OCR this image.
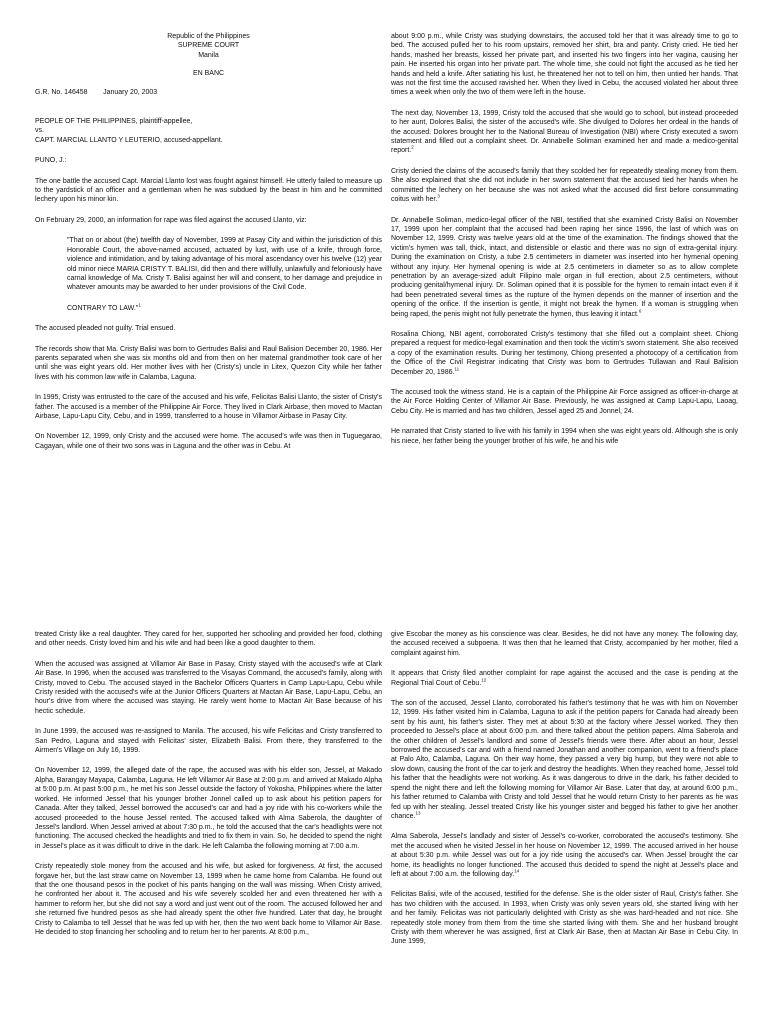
Republic of the Philippines

SUPREME COURT

Manila

EN BANC

G.R. No. 146458 January 20, 2003

PEOPLE OF THE PHILIPPINES, plaintiff-appellee,

vs.

CAPT. MARCIAL LLANTO Y LEUTERIO, accused-appellant.

PUNO, J.:

The one battle the accused Capt. Marcial Llanto lost was fought against himself. He utterly failed to measure up to the yardstick of an officer and a gentleman when he was subdued by the beast in him and he committed lechery upon his minor kin.

On February 29, 2000, an information for rape was filed against the accused Llanto, viz:

"That on or about (the) twelfth day of November, 1999 at Pasay City and within the jurisdiction of this Honorable Court, the above-named accused, actuated by lust, with use of a knife, through force, violence and intimidation, and by taking advantage of his moral ascendancy over his twelve (12) year old minor niece MARIA CRISTY T. BALISI, did then and there willfully, unlawfully and feloniously have carnal knowledge of Ma. Cristy T. Balisi against her will and consent, to her damage and prejudice in whatever amounts may be awarded to her under provisions of the Civil Code.

CONTRARY TO LAW."$^1$

The accused pleaded not guilty. Trial ensued.

The records show that Ma. Cristy Balisi was born to Gertrudes Balisi and Raul Balision December 20, 1986. Her parents separated when she was six months old and from then on her maternal grandmother took care of her until she was eight years old. Her mother lives with her (Cristy's) uncle in Litex, Quezon City while her father lives with his common law wife in Calamba, Laguna.

In 1995, Cristy was entrusted to the care of the accused and his wife, Felicitas Balisi Llanto, the sister of Cristy's father. The accused is a member of the Philippine Air Force. They lived in Clark Airbase, then moved to Mactan Airbase, Lapu-Lapu City, Cebu, and in 1999, transferred to a house in Villamor Airbase in Pasay City.

On November 12, 1999, only Cristy and the accused were home. The accused's wife was then in Tuguegarao, Cagayan, while one of their two sons was in Laguna and the other was in Cebu. At

about 9:00 p.m., while Cristy was studying downstairs, the accused told her that it was already time to go to bed. The accused pulled her to his room upstairs, removed her shirt, bra and panty. Cristy cried. He tied her hands, mashed her breasts, kissed her private part, and inserted his two fingers into her vagina, causing her pain. He inserted his organ into her private part. The whole time, she could not fight the accused as he tied her hands and held a knife. After satiating his lust, he threatened her not to tell on him, then untied her hands. That was not the first time the accused ravished her. When they lived in Cebu, the accused violated her about three times a week when only the two of them were left in the house.

The next day, November 13, 1999, Cristy told the accused that she would go to school, but instead proceeded to her aunt, Dolores Balisi, the sister of the accused's wife. She divulged to Dolores her ordeal in the hands of the accused. Dolores brought her to the National Bureau of Investigation (NBI) where Cristy executed a sworn statement and filled out a complaint sheet. Dr. Annabelle Soliman examined her and made a medico-genital report.$^2$

Cristy denied the claims of the accused's family that they scolded her for repeatedly stealing money from them. She also explained that she did not include in her sworn statement that the accused tied her hands when he committed the lechery on her because she was not asked what the accused did first before consummating coitus with her.$^3$

Dr. Annabelle Soliman, medico-legal officer of the NBI, testified that she examined Cristy Balisi on November 17, 1999 upon her complaint that the accused had been raping her since 1996, the last of which was on November 12, 1999. Cristy was twelve years old at the time of the examination. The findings showed that the victim's hymen was tall, thick, intact, and distensible or elastic and there was no sign of extra-genital injury. During the examination on Cristy, a tube 2.5 centimeters in diameter was inserted into her hymenal opening without any injury. Her hymenal opening is wide at 2.5 centimeters in diameter so as to allow complete penetration by an average-sized adult Filipino male organ in full erection, about 2.5 centimeters, without producing genital/hymenal injury. Dr. Soliman opined that it is possible for the hymen to remain intact even if it had been penetrated several times as the rupture of the hymen depends on the manner of insertion and the opening of the orifice. If the insertion is gentle, it might not break the hymen. If a woman is struggling when being raped, the penis might not fully penetrate the hymen, thus leaving it intact.$^6$

Rosalina Chiong, NBI agent, corroborated Cristy's testimony that she filled out a complaint sheet. Chiong prepared a request for medico-legal examination and then took the victim's sworn statement. She also received a copy of the examination results. During her testimony, Chiong presented a photocopy of a certification from the Office of the Civil Registrar indicating that Cristy was born to Gertrudes Tullawan and Raul Balision December 20, 1986.11

The accused took the witness stand. He is a captain of the Philippine Air Force assigned as officer-in-charge at the Air Force Holding Center of Villamor Air Base. Previously, he was assigned at Camp Lapu-Lapu, Laoag, Cebu City. He is married and has two children, Jessel aged 25 and Jonnel, 24.

He narrated that Cristy started to live with his family in 1994 when she was eight years old. Although she is only his niece, her father being the younger brother of his wife, he and his wife

treated Cristy like a real daughter. They cared for her, supported her schooling and provided her food, clothing and other needs. Cristy loved him and his wife and had been like a good daughter to them.

When the accused was assigned at Villamor Air Base in Pasay, Cristy stayed with the accused's wife at Clark Air Base. In 1996, when the accused was transferred to the Visayas Command, the accused's family, along with Cristy, moved to Cebu. The accused stayed in the Bachelor Officers Quarters in Camp Lapu-Lapu, Cebu while Cristy resided with the accused's wife at the Junior Officers Quarters at Mactan Air Base, Lapu-Lapu, Cebu, an hour's drive from where the accused was staying. He rarely went home to Mactan Air Base because of his hectic schedule.

In June 1999, the accused was re-assigned to Manila. The accused, his wife Felicitas and Cristy transferred to San Pedro, Laguna and stayed with Felicitas' sister, Elizabeth Balisi. From there, they transferred to the Airmen's Village on July 16, 1999.

On November 12, 1999, the alleged date of the rape, the accused was with his elder son, Jessel, at Makado Alpha, Barangay Mayapa, Calamba, Laguna. He left Villamor Air Base at 2:00 p.m. and arrived at Makado Alpha at 5:00 p.m. At past 5:00 p.m., he met his son Jessel outside the factory of Yokosha, Philippines where the latter worked. He informed Jessel that his younger brother Jonnel called up to ask about his petition papers for Canada. After they talked, Jessel borrowed the accused's car and had a joy ride with his co-workers while the accused proceeded to the house Jessel rented. The accused talked with Alma Saberola, the daughter of Jessel's landlord. When Jessel arrived at about 7:30 p.m., he told the accused that the car's headlights were not functioning. The accused checked the headlights and tried to fix them in vain. So, he decided to spend the night in Jessel's place as it was difficult to drive in the dark. He left Calamba the following morning at 7:00 a.m.

Cristy repeatedly stole money from the accused and his wife, but asked for forgiveness. At first, the accused forgave her, but the last straw came on November 13, 1999 when he came home from Calamba. He found out that the one thousand pesos in the pocket of his pants hanging on the wall was missing. When Cristy arrived, he confronted her about it. The accused and his wife severely scolded her and even threatened her with a hammer to reform her, but she did not say a word and just went out of the room. The accused followed her and she returned five hundred pesos as she had already spent the other five hundred. Later that day, he brought Cristy to Calamba to tell Jessel that he was fed up with her, then the two went back home to Villamor Air Base. He decided to stop financing her schooling and to return her to her parents. At 8:00 p.m.,

give Escobar the money as his conscience was clear. Besides, he did not have any money. The following day, the accused received a subpoena. It was then that he learned that Cristy, accompanied by her mother, filed a complaint against him.

It appears that Cristy filed another complaint for rape against the accused and the case is pending at the Regional Trial Court of Cebu.$^{12}$

The son of the accused, Jessel Llanto, corroborated his father's testimony that he was with him on November 12, 1999. His father visited him in Calamba, Laguna to ask if the petition papers for Canada had already been sent by his aunt, his father's sister. They met at about 5:30 at the factory where Jessel worked. They then proceeded to Jessel's place at about 6:00 p.m. and there talked about the petition papers. Alma Saberola and the other children of Jessel's landlord and some of Jessel's friends were there. After about an hour, Jessel borrowed the accused's car and with a friend named Jonathan and another companion, went to a friend's place at Palo Alto, Calamba, Laguna. On their way home, they passed a very big hump, but they were not able to slow down, causing the front of the car to jerk and destroy the headlights. When they reached home, Jessel told his father that the headlights were not working. As it was dangerous to drive in the dark, his father decided to spend the night there and left the following morning for Villamor Air Base. Later that day, at around 6:00 p.m., his father returned to Calamba with Cristy and told Jessel that he would return Cristy to her parents as he was fed up with her stealing. Jessel treated Cristy like his younger sister and begged his father to give her another chance.$^{13}$

Alma Saberola, Jessel's landlady and sister of Jessel's co-worker, corroborated the accused's testimony. She met the accused when he visited Jessel in her house on November 12, 1999. The accused arrived in her house at about 5:30 p.m. while Jessel was out for a joy ride using the accused's car. When Jessel brought the car home, its headlights no longer functioned. The accused thus decided to spend the night at Jessel's place and left at about 7:00 a.m. the following day.$^{14}$

Felicitas Balisi, wife of the accused, testified for the defense. She is the older sister of Raul, Cristy's father. She has two children with the accused. In 1993, when Cristy was only seven years old, she started living with her and her family. Felicitas was not particularly delighted with Cristy as she was hard-headed and not nice. She repeatedly stole money from them from the time she started living with them. She and her husband brought Cristy with them wherever he was assigned, first at Clark Air Base, then at Mactan Air Base in Cebu City. In June 1999,
